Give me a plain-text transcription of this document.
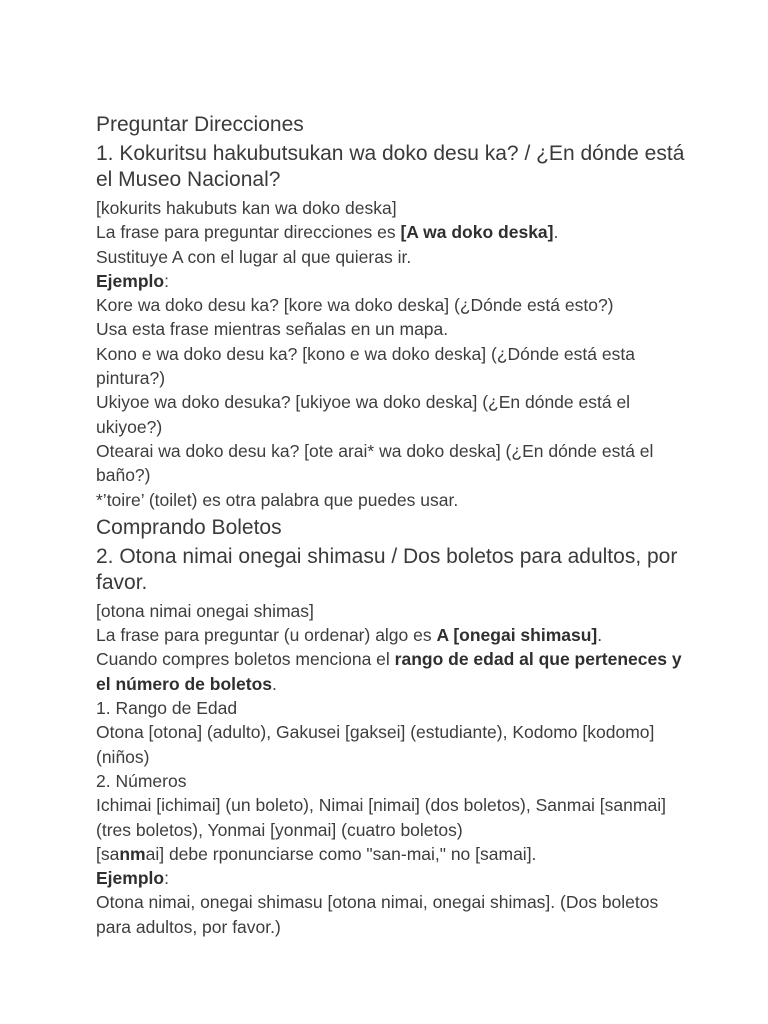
Preguntar Direcciones
1. Kokuritsu hakubutsukan wa doko desu ka? / ¿En dónde está el Museo Nacional?

[kokurits hakubuts kan wa doko deska]

La frase para preguntar direcciones es [A wa doko deska].

Sustituye A con el lugar al que quieras ir.

Ejemplo:

Kore wa doko desu ka? [kore wa doko deska] (¿Dónde está esto?)

Usa esta frase mientras señalas en un mapa.

Kono e wa doko desu ka? [kono e wa doko deska] (¿Dónde está esta pintura?)

Ukiyoe wa doko desuka? [ukiyoe wa doko deska] (¿En dónde está el ukiyoe?)

Otearai wa doko desu ka? [ote arai* wa doko deska] (¿En dónde está el baño?)

*’toire’ (toilet) es otra palabra que puedes usar.

Comprando Boletos
2. Otona nimai onegai shimasu / Dos boletos para adultos, por favor.

[otona nimai onegai shimas]

La frase para preguntar (u ordenar) algo es A [onegai shimasu].

Cuando compres boletos menciona el rango de edad al que perteneces y el número de boletos.

1. Rango de Edad

Otona [otona] (adulto), Gakusei [gaksei] (estudiante), Kodomo [kodomo] (niños)

2. Números

Ichimai [ichimai] (un boleto), Nimai [nimai] (dos boletos), Sanmai [sanmai] (tres boletos), Yonmai [yonmai] (cuatro boletos)

[sanmai] debe rponunciarse como "san-mai," no [samai].

Ejemplo:

Otona nimai, onegai shimasu [otona nimai, onegai shimas]. (Dos boletos para adultos, por favor.)
